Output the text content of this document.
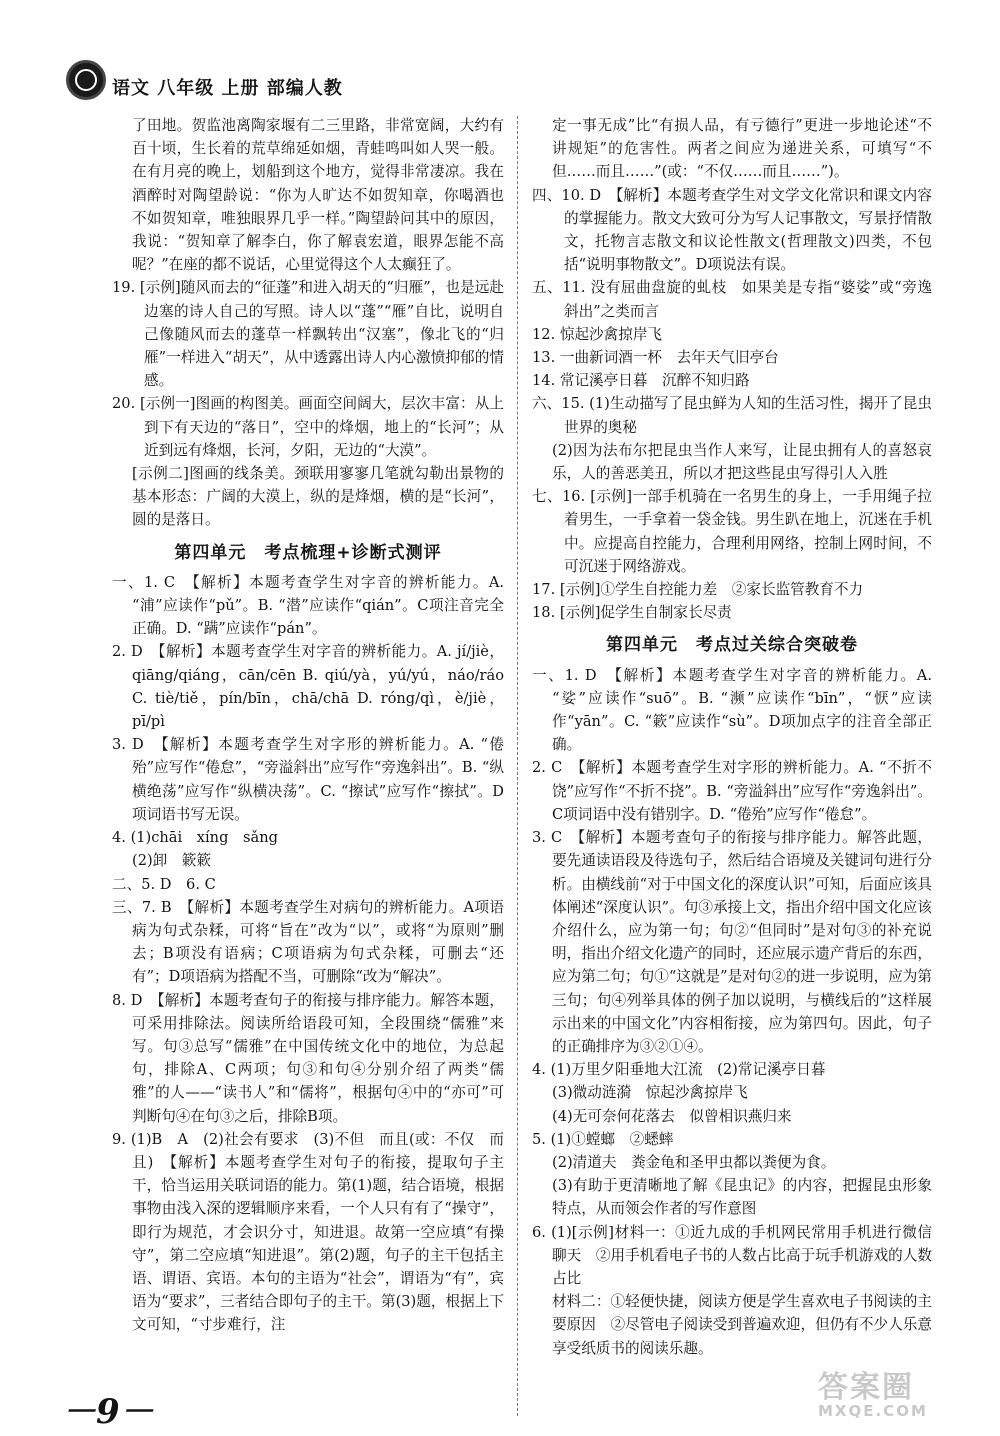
语文 八年级 上册 部编人教

了田地。贺监池离陶家堰有二三里路，非常宽阔，大约有百十顷，生长着的荒草绵延如烟，青蛙鸣叫如人哭一般。在有月亮的晚上，划船到这个地方，觉得非常凄凉。我在酒醉时对陶望龄说：“你为人旷达不如贺知章，你喝酒也不如贺知章，唯独眼界几乎一样。”陶望龄问其中的原因，我说：“贺知章了解李白，你了解袁宏道，眼界怎能不高呢？”在座的都不说话，心里觉得这个人太癫狂了。

19. [示例]随风而去的“征蓬”和进入胡天的“归雁”，也是远赴边塞的诗人自己的写照。诗人以“蓬”“雁”自比，说明自己像随风而去的蓬草一样飘转出“汉塞”，像北飞的“归雁”一样进入“胡天”，从中透露出诗人内心激愤抑郁的情感。

20. [示例一]图画的构图美。画面空间阔大，层次丰富：从上到下有天边的“落日”，空中的烽烟，地上的“长河”；从近到远有烽烟，长河，夕阳，无边的“大漠”。

[示例二]图画的线条美。颈联用寥寥几笔就勾勒出景物的基本形态：广阔的大漠上，纵的是烽烟，横的是“长河”，圆的是落日。

第四单元　考点梳理+诊断式测评

一、1. C　【解析】本题考查学生对字音的辨析能力。A. “浦”应读作“pǔ”。B. “潜”应读作“qián”。C项注音完全正确。D. “蹒”应读作“pán”。

2. D　【解析】本题考查学生对字音的辨析能力。A. jí/jiè，qiāng/qiáng，cān/cēn B. qiú/yà，yú/yú，náo/ráo C. tiè/tiě，pín/bīn，chā/chā D. róng/qì，è/jiè，pī/pì

3. D　【解析】本题考查学生对字形的辨析能力。A. “倦殆”应写作“倦怠”，“旁溢斜出”应写作“旁逸斜出”。B. “纵横绝荡”应写作“纵横决荡”。C. “擦试”应写作“擦拭”。D项词语书写无误。

4. (1)chāi　xíng　sǎng

(2)卸　簌簌

二、5. D　6. C

三、7. B　【解析】本题考查学生对病句的辨析能力。A项语病为句式杂糅，可将“旨在”改为“以”，或将“为原则”删去；B项没有语病；C项语病为句式杂糅，可删去“还有”；D项语病为搭配不当，可删除“改为“解决”。

8. D　【解析】本题考查句子的衔接与排序能力。解答本题，可采用排除法。阅读所给语段可知，全段围绕“儒雅”来写。句③总写“儒雅”在中国传统文化中的地位，为总起句，排除A、C两项；句③和句④分别介绍了两类“儒雅”的人——“读书人”和“儒将”，根据句④中的“亦可”可判断句④在句③之后，排除B项。

9. (1)B　A　(2)社会有要求　(3)不但　而且(或：不仅　而且)　【解析】本题考查学生对句子的衔接，提取句子主干，恰当运用关联词语的能力。第(1)题，结合语境，根据事物由浅入深的逻辑顺序来看，一个人只有有了“操守”，即行为规范，才会识分寸，知进退。故第一空应填“有操守”，第二空应填“知进退”。第(2)题，句子的主干包括主语、谓语、宾语。本句的主语为“社会”，谓语为“有”，宾语为“要求”，三者结合即句子的主干。第(3)题，根据上下文可知，“寸步难行，注

定一事无成”比“有损人品，有亏德行”更进一步地论述“不讲规矩”的危害性。两者之间应为递进关系，可填写“不但……而且……”(或：“不仅……而且……”)。

四、10. D　【解析】本题考查学生对文学文化常识和课文内容的掌握能力。散文大致可分为写人记事散文，写景抒情散文，托物言志散文和议论性散文(哲理散文)四类，不包括“说明事物散文”。D项说法有误。

五、11. 没有屈曲盘旋的虬枝　如果美是专指“婆娑”或“旁逸斜出”之类而言

12. 惊起沙禽掠岸飞

13. 一曲新词酒一杯　去年天气旧亭台

14. 常记溪亭日暮　沉醉不知归路

六、15. (1)生动描写了昆虫鲜为人知的生活习性，揭开了昆虫世界的奥秘

(2)因为法布尔把昆虫当作人来写，让昆虫拥有人的喜怒哀乐，人的善恶美丑，所以才把这些昆虫写得引人入胜

七、16. [示例]一部手机骑在一名男生的身上，一手用绳子拉着男生，一手拿着一袋金钱。男生趴在地上，沉迷在手机中。应提高自控能力，合理利用网络，控制上网时间，不可沉迷于网络游戏。

17. [示例]①学生自控能力差　②家长监管教育不力

18. [示例]促学生自制家长尽责

第四单元　考点过关综合突破卷

一、1. D　【解析】本题考查学生对字音的辨析能力。A. “娑”应读作“suō”。B. “濒”应读作“bīn”，“恹”应读作“yān”。C. “簌”应读作“sù”。D项加点字的注音全部正确。

2. C　【解析】本题考查学生对字形的辨析能力。A. “不折不饶”应写作“不折不挠”。B. “旁溢斜出”应写作“旁逸斜出”。C项词语中没有错别字。D. “倦殆”应写作“倦怠”。

3. C　【解析】本题考查句子的衔接与排序能力。解答此题，要先通读语段及待选句子，然后结合语境及关键词句进行分析。由横线前“对于中国文化的深度认识”可知，后面应该具体阐述“深度认识”。句③承接上文，指出介绍中国文化应该介绍什么，应为第一句；句②“但同时”是对句③的补充说明，指出介绍文化遗产的同时，还应展示遗产背后的东西，应为第二句；句①“这就是”是对句②的进一步说明，应为第三句；句④列举具体的例子加以说明，与横线后的“这样展示出来的中国文化”内容相衔接，应为第四句。因此，句子的正确排序为③②①④。

4. (1)万里夕阳垂地大江流　(2)常记溪亭日暮

(3)微动涟漪　惊起沙禽掠岸飞

(4)无可奈何花落去　似曾相识燕归来

5. (1)①螳螂　②蟋蟀

(2)清道夫　粪金龟和圣甲虫都以粪便为食。

(3)有助于更清晰地了解《昆虫记》的内容，把握昆虫形象特点，从而领会作者的写作意图

6. (1)[示例]材料一：①近九成的手机网民常用手机进行微信聊天　②用手机看电子书的人数占比高于玩手机游戏的人数占比

材料二：①轻便快捷，阅读方便是学生喜欢电子书阅读的主要原因　②尽管电子阅读受到普遍欢迎，但仍有不少人乐意享受纸质书的阅读乐趣。

－9－
答案圈
MXQE.COM
